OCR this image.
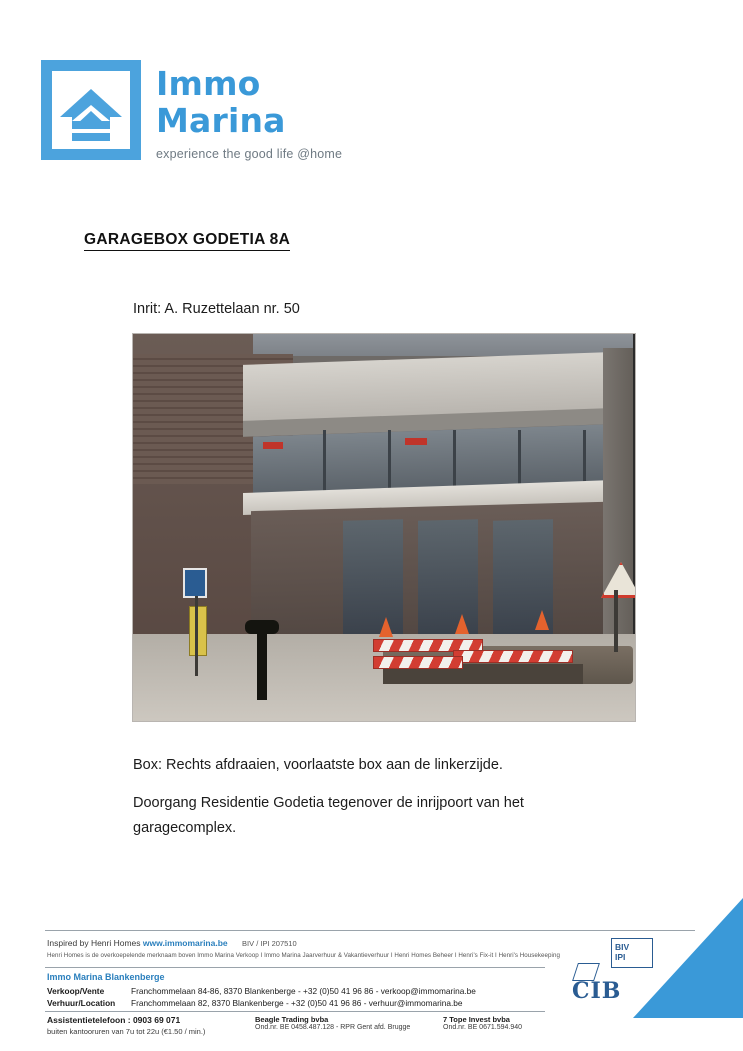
Immo
Marina
experience the good life @home
GARAGEBOX GODETIA 8A
Inrit: A. Ruzettelaan nr. 50
Box: Rechts afdraaien, voorlaatste box aan de linkerzijde.
Doorgang Residentie Godetia tegenover de inrijpoort van het garagecomplex.
Inspired by Henri Homes www.immomarina.be BIV / IPI 207510
Henri Homes is de overkoepelende merknaam boven Immo Marina Verkoop I Immo Marina Jaarverhuur & Vakantieverhuur I Henri Homes Beheer I Henri's Fix-it I Henri's Housekeeping
Immo Marina Blankenberge
Verkoop/Vente	Franchommelaan 84-86, 8370 Blankenberge - +32 (0)50 41 96 86 - verkoop@immomarina.be
Verhuur/Location Franchommelaan 82, 8370 Blankenberge - +32 (0)50 41 96 86 - verhuur@immomarina.be
Assistentietelefoon : 0903 69 071
buiten kantooruren van 7u tot 22u (€1.50 / min.)
Beagle Trading bvba
Ond.nr. BE 0458.487.128 - RPR Gent afd. Brugge
7 Tope Invest bvba
Ond.nr. BE 0671.594.940
BIV
IPI
CIB
